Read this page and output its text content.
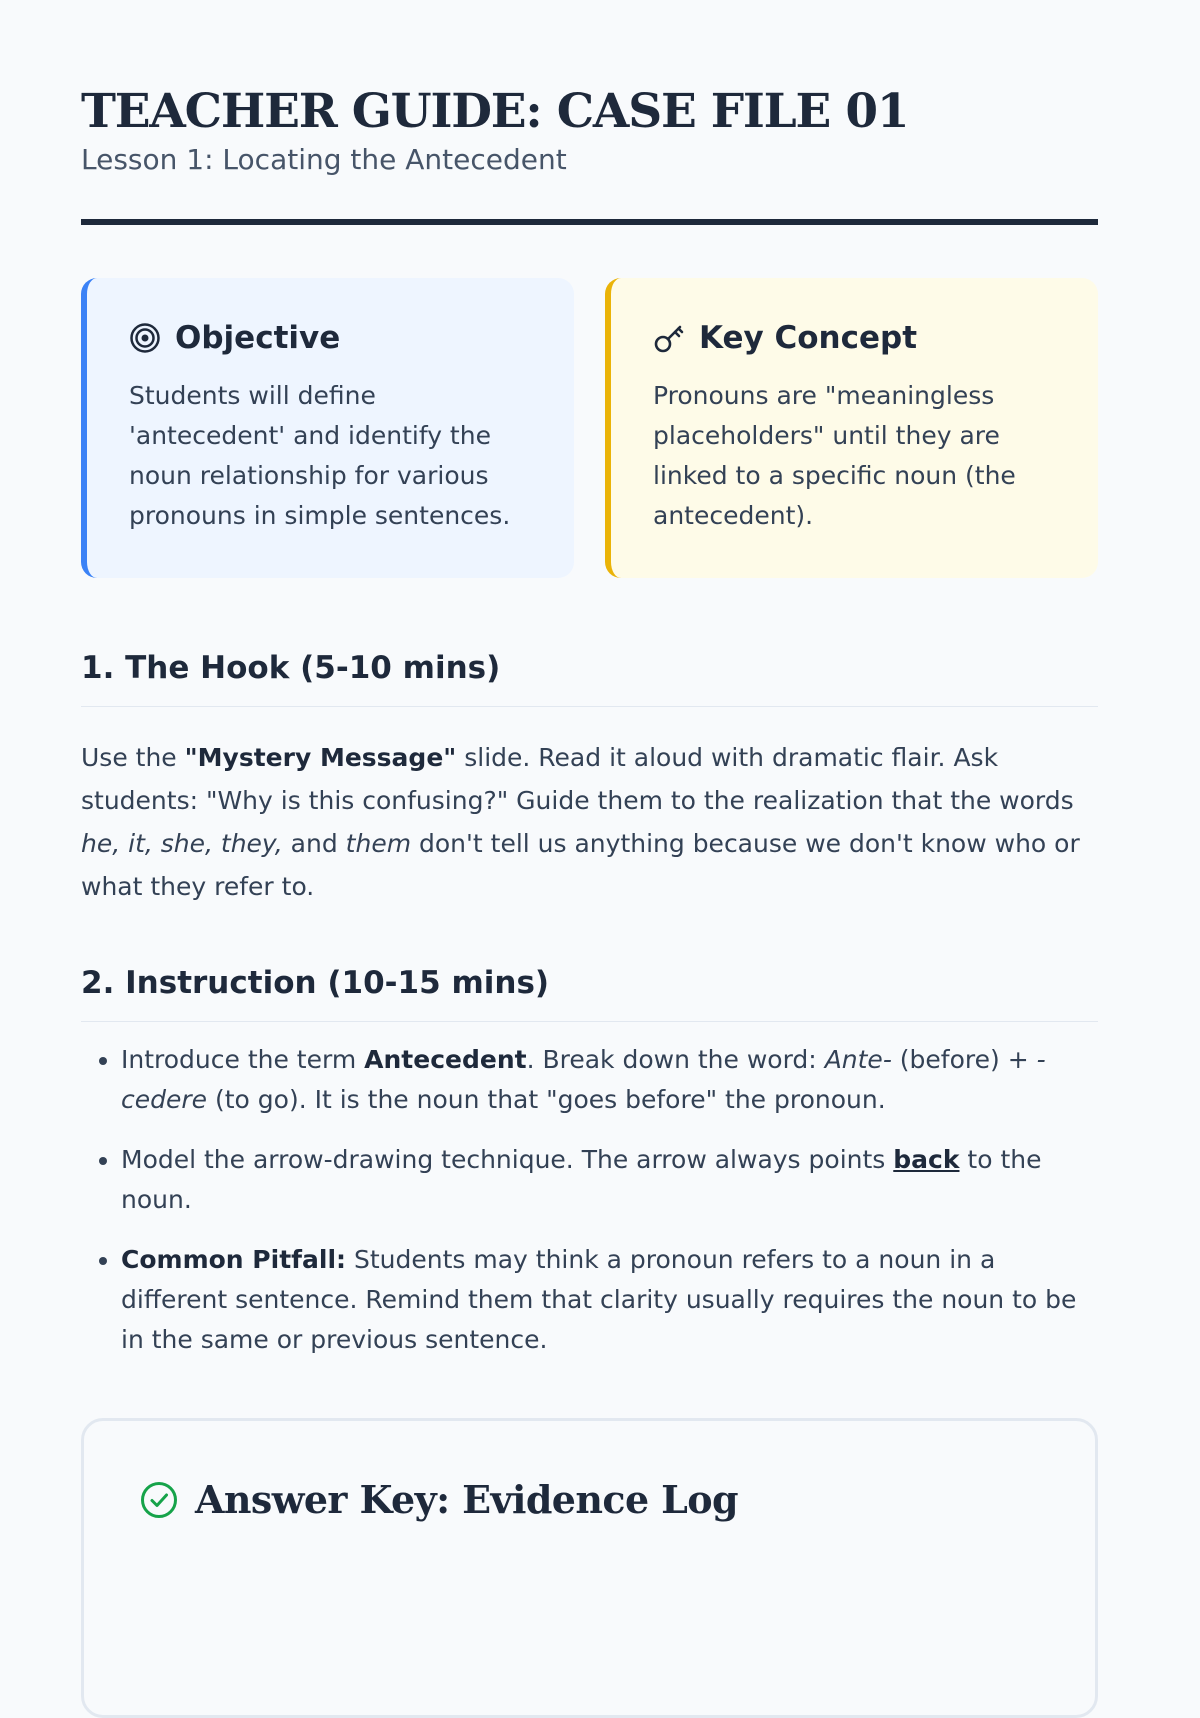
TEACHER GUIDE: CASE FILE 01
Lesson 1: Locating the Antecedent
Objective
Students will define 'antecedent' and identify the noun relationship for various pronouns in simple sentences.
Key Concept
Pronouns are "meaningless placeholders" until they are linked to a specific noun (the antecedent).
1. The Hook (5-10 mins)

Use the "Mystery Message" slide. Read it aloud with dramatic flair. Ask students: "Why is this confusing?" Guide them to the realization that the words he, it, she, they, and them don't tell us anything because we don't know who or what they refer to.

2. Instruction (10-15 mins)
• Introduce the term Antecedent. Break down the word: Ante- (before) + -cedere (to go). It is the noun that "goes before" the pronoun.
• Model the arrow-drawing technique. The arrow always points back to the noun.
• Common Pitfall: Students may think a pronoun refers to a noun in a different sentence. Remind them that clarity usually requires the noun to be in the same or previous sentence.
Answer Key: Evidence Log
